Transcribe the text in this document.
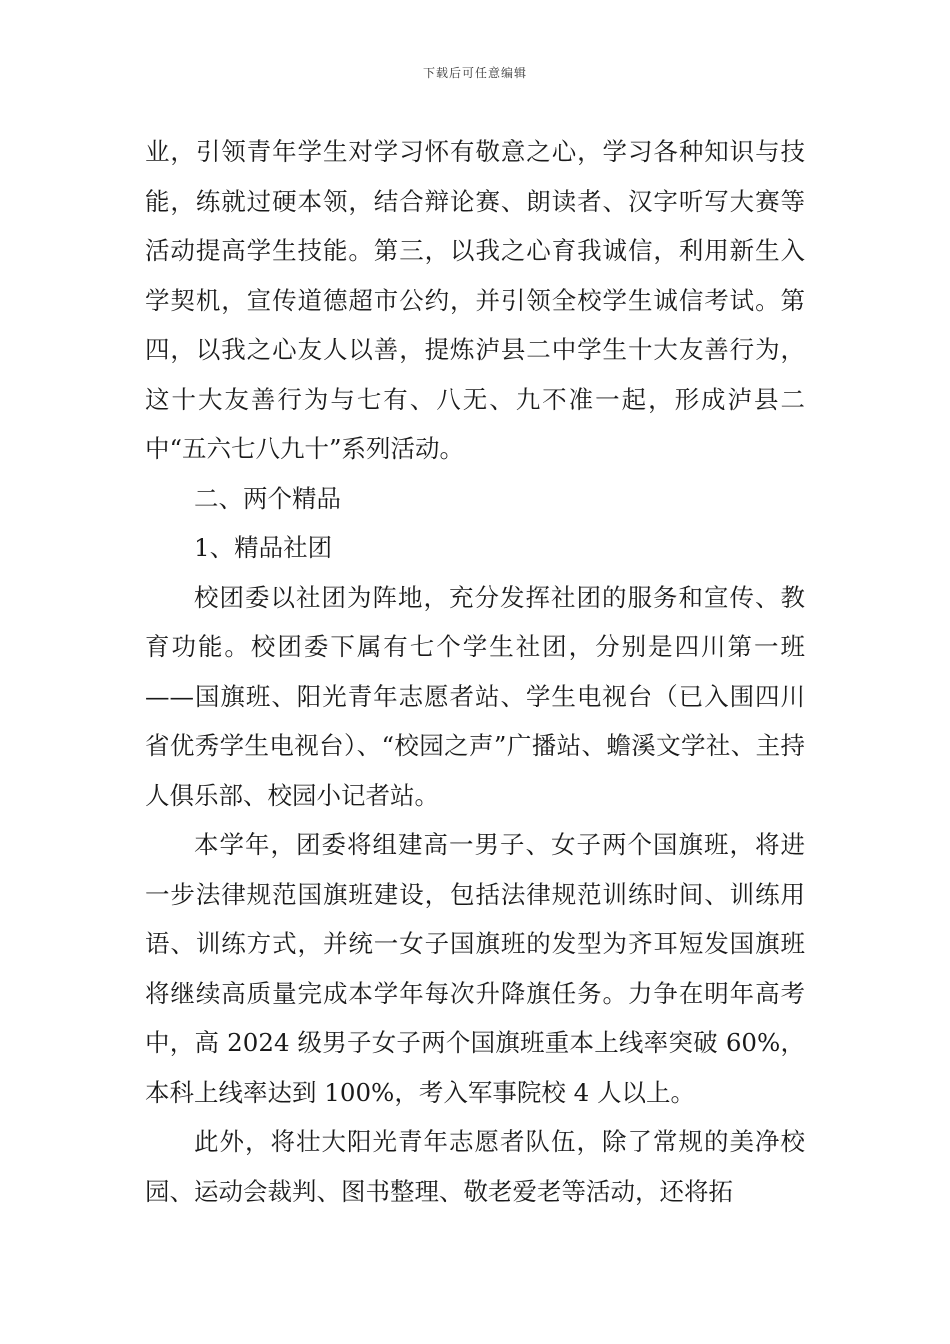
下载后可任意编辑

业，引领青年学生对学习怀有敬意之心，学习各种知识与技能，练就过硬本领，结合辩论赛、朗读者、汉字听写大赛等活动提高学生技能。第三，以我之心育我诚信，利用新生入学契机，宣传道德超市公约，并引领全校学生诚信考试。第四，以我之心友人以善，提炼泸县二中学生十大友善行为，这十大友善行为与七有、八无、九不准一起，形成泸县二中“五六七八九十”系列活动。

二、两个精品

1、精品社团

校团委以社团为阵地，充分发挥社团的服务和宣传、教育功能。校团委下属有七个学生社团，分别是四川第一班——国旗班、阳光青年志愿者站、学生电视台（已入围四川省优秀学生电视台）、“校园之声”广播站、蟾溪文学社、主持人俱乐部、校园小记者站。

本学年，团委将组建高一男子、女子两个国旗班，将进一步法律规范国旗班建设，包括法律规范训练时间、训练用语、训练方式，并统一女子国旗班的发型为齐耳短发国旗班将继续高质量完成本学年每次升降旗任务。力争在明年高考中，高 2024 级男子女子两个国旗班重本上线率突破 60%，本科上线率达到 100%，考入军事院校 4 人以上。

此外，将壮大阳光青年志愿者队伍，除了常规的美净校园、运动会裁判、图书整理、敬老爱老等活动，还将拓
